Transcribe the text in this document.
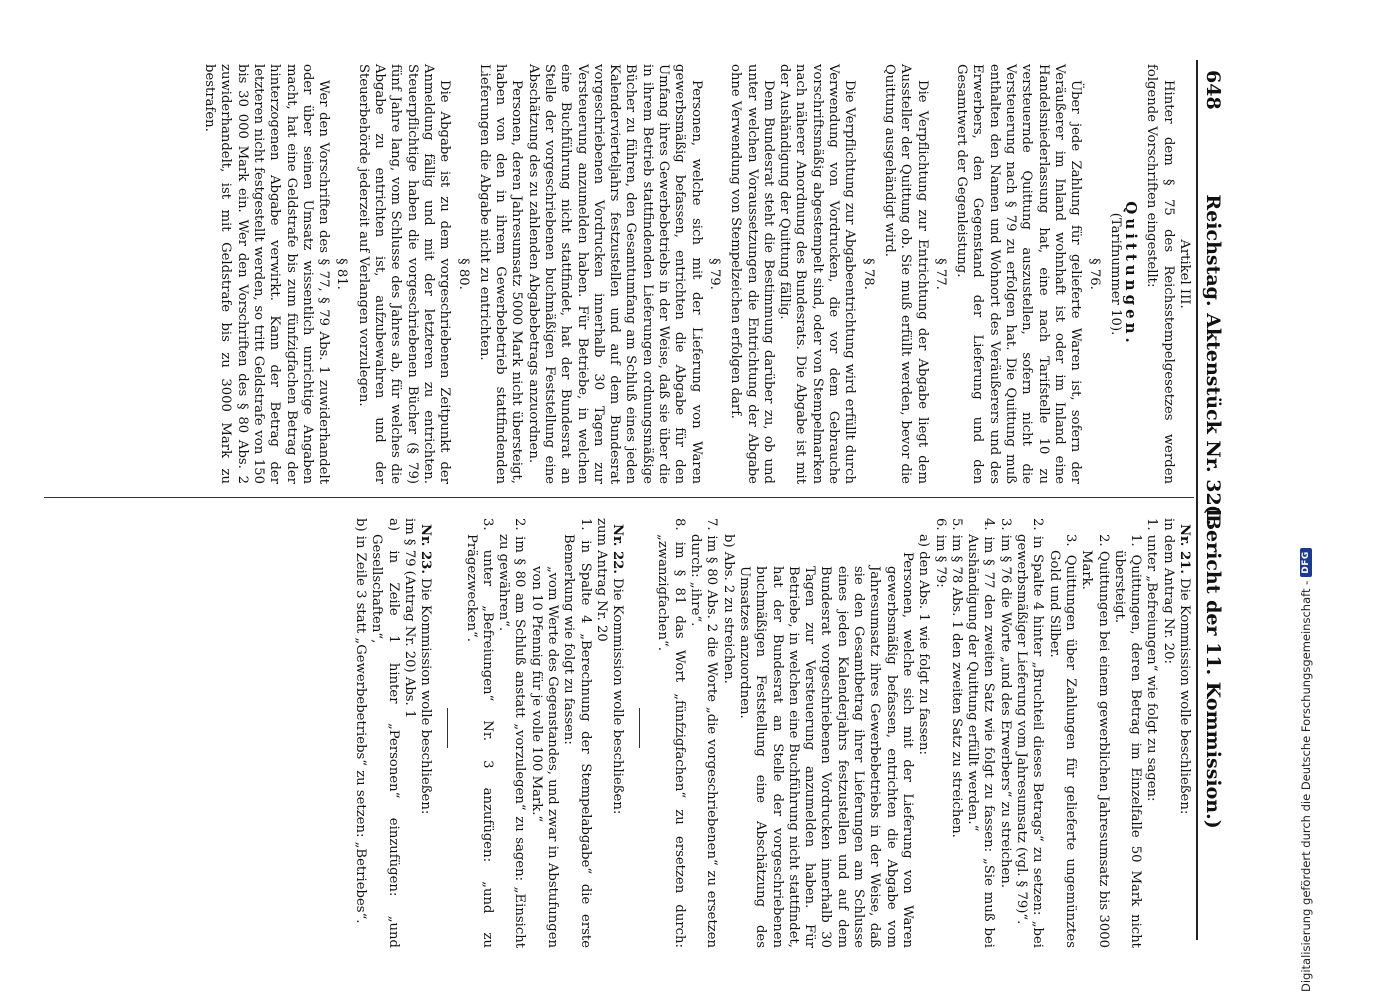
648
Reichstag. Aktenstück Nr. 321.
(Bericht der 11. Kommission.)
Artikel III.

Hinter dem § 75 des Reichsstempelgesetzes werden folgende Vorschriften eingestellt:

Quittungen.
(Tarifnummer 10).
§ 76.

Über jede Zahlung für gelieferte Waren ist, sofern der Veräußerer im Inland wohnhaft ist oder im Inland eine Handelsniederlassung hat, eine nach Tarifstelle 10 zu versteuernde Quittung auszustellen, sofern nicht die Versteuerung nach § 79 zu erfolgen hat. Die Quittung muß enthalten den Namen und Wohnort des Veräußerers und des Erwerbers, den Gegenstand der Lieferung und den Gesamtwert der Gegenleistung.

§ 77.

Die Verpflichtung zur Entrichtung der Abgabe liegt dem Aussteller der Quittung ob. Sie muß erfüllt werden, bevor die Quittung ausgehändigt wird.

§ 78.

Die Verpflichtung zur Abgabeentrichtung wird erfüllt durch Verwendung von Vordrucken, die vor dem Gebrauche vorschriftsmäßig abgestempelt sind, oder von Stempelmarken nach näherer Anordnung des Bundesrats. Die Abgabe ist mit der Aushändigung der Quittung fällig.

Dem Bundesrat steht die Bestimmung darüber zu, ob und unter welchen Voraussetzungen die Entrichtung der Abgabe ohne Verwendung von Stempelzeichen erfolgen darf.

§ 79.

Personen, welche sich mit der Lieferung von Waren gewerbsmäßig befassen, entrichten die Abgabe für den Umfang ihres Gewerbebetriebs in der Weise, daß sie über die in ihrem Betrieb stattfindenden Lieferungen ordnungsmäßige Bücher zu führen, den Gesamtumfang am Schluß eines jeden Kalendervierteljahrs festzustellen und auf dem Bundesrat vorgeschriebenen Vordrucken innerhalb 30 Tagen zur Versteuerung anzumelden haben. Für Betriebe, in welchen eine Buchführung nicht stattfindet, hat der Bundesrat an Stelle der vorgeschriebenen buchmäßigen Feststellung eine Abschätzung des zu zahlenden Abgabebetrags anzuordnen.

Personen, deren Jahresumsatz 5000 Mark nicht übersteigt, haben von den in ihrem Gewerbebetrieb stattfindenden Lieferungen die Abgabe nicht zu entrichten.

§ 80.

Die Abgabe ist zu dem vorgeschriebenen Zeitpunkt der Anmeldung fällig und mit der letzteren zu entrichten. Steuerpflichtige haben die vorgeschriebenen Bücher (§ 79) fünf Jahre lang, vom Schlusse des Jahres ab, für welches die Abgabe zu entrichten ist, aufzubewahren und der Steuerbehörde jederzeit auf Verlangen vorzulegen.

§ 81.

Wer den Vorschriften des § 77, § 79 Abs. 1 zuwiderhandelt oder über seinen Umsatz wissentlich unrichtige Angaben macht, hat eine Geldstrafe bis zum fünfzigfachen Betrag der hinterzogenen Abgabe verwirkt. Kann der Betrag der letzteren nicht festgestellt werden, so tritt Geldstrafe von 150 bis 30 000 Mark ein. Wer den Vorschriften des § 80 Abs. 2 zuwiderhandelt, ist mit Geldstrafe bis zu 3000 Mark zu bestrafen.

Nr. 21. Die Kommission wolle beschließen:

in dem Antrag Nr. 20:
1. unter „Befreiungen“ wie folgt zu sagen:
1. Quittungen, deren Betrag im Einzelfalle 50 Mark nicht übersteigt.
2. Quittungen bei einem gewerblichen Jahresumsatz bis 3000 Mark.
3. Quittungen über Zahlungen für gelieferte ungemünztes Gold und Silber.
2. in Spalte 4 hinter „Bruchteil dieses Betrags“ zu setzen: „bei gewerbsmäßiger Lieferung vom Jahresumsatz (vgl. § 79)“.
3. im § 76 die Worte „und des Erwerbers“ zu streichen.
4. im § 77 den zweiten Satz wie folgt zu fassen: „Sie muß bei Aushändigung der Quittung erfüllt werden.“
5. im § 78 Abs. 1 den zweiten Satz zu streichen.
6. im § 79:
a) den Abs. 1 wie folgt zu fassen:
Personen, welche sich mit der Lieferung von Waren gewerbsmäßig befassen, entrichten die Abgabe vom Jahresumsatz ihres Gewerbebetriebs in der Weise, daß sie den Gesamtbetrag ihrer Lieferungen am Schlusse eines jeden Kalenderjahrs festzustellen und auf dem Bundesrat vorgeschriebenen Vordrucken innerhalb 30 Tagen zur Versteuerung anzumelden haben. Für Betriebe, in welchen eine Buchführung nicht stattfindet, hat der Bundesrat an Stelle der vorgeschriebenen buchmäßigen Feststellung eine Abschätzung des Umsatzes anzuordnen.
b) Abs. 2 zu streichen.
7. im § 80 Abs. 2 die Worte „die vorgeschriebenen“ zu ersetzen durch: „ihre“.
8. im § 81 das Wort „fünfzigfachen“ zu ersetzen durch: „zwanzigfachen“.

Nr. 22. Die Kommission wolle beschließen:

zum Antrag Nr. 20
1. in Spalte 4 „Berechnung der Stempelabgabe“ die erste Bemerkung wie folgt zu fassen:
„vom Werte des Gegenstandes, und zwar in Abstufungen von 10 Pfennig für je volle 100 Mark.“
2. im § 80 am Schluß anstatt „vorzulegen“ zu sagen: „Einsicht zu gewähren“.
3. unter „Befreiungen“ Nr. 3 anzufügen: „und zu Prägezwecken“.

Nr. 23. Die Kommission wolle beschließen:

im § 79 (Antrag Nr. 20) Abs. 1
a) in Zeile 1 hinter „Personen“ einzufügen: „und Gesellschaften“,
b) in Zeile 3 statt „Gewerbebetriebs“ zu setzen: „Betriebes“.	Digitalisierung gefördert durch die Deutsche Forschungsgemeinschaft -
DFG
